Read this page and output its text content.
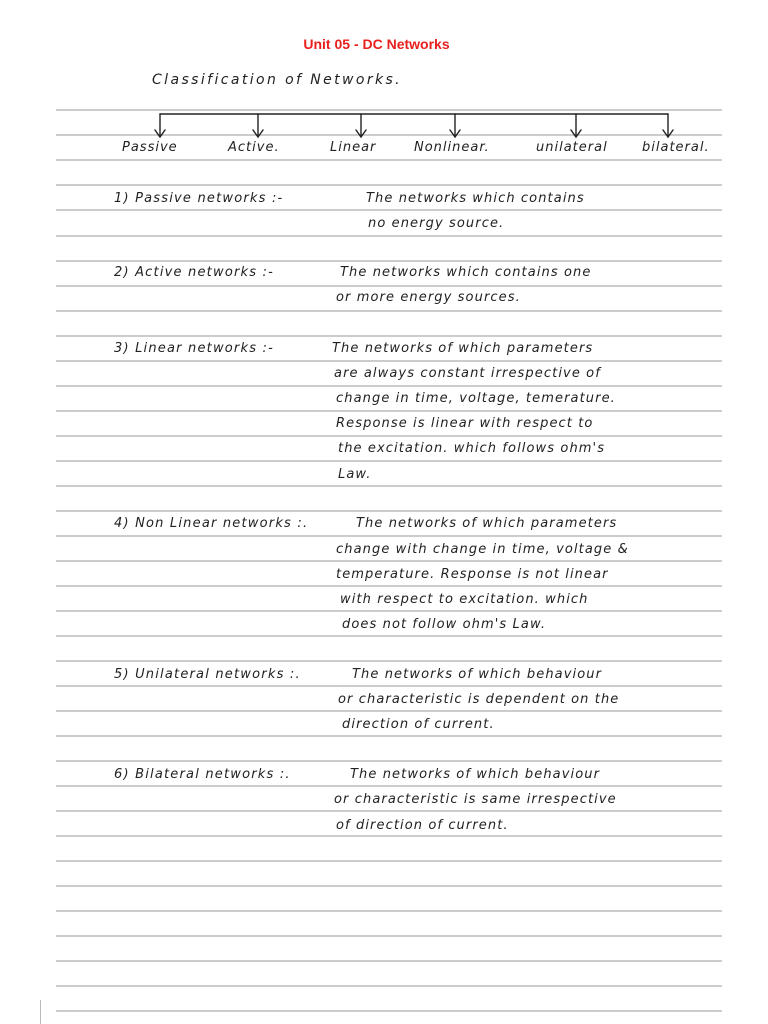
Unit 05 - DC Networks
Classification of Networks.
Passive	Active.	Linear	Nonlinear.	unilateral	bilateral.
1) Passive networks :-	The networks which contains
no energy source.
2) Active networks :-	The networks which contains one
or more energy sources.
3) Linear networks :-	The networks of which parameters
are always constant irrespective of
change in time, voltage, temerature.
Response is linear with respect to
the excitation. which follows ohm's
Law.
4) Non Linear networks :.	The networks of which parameters
change with change in time, voltage &
temperature. Response is not linear
with respect to excitation. which
does not follow ohm's Law.
5) Unilateral networks :.	The networks of which behaviour
or characteristic is dependent on the
direction of current.
6) Bilateral networks :.	The networks of which behaviour
or characteristic is same irrespective
of direction of current.
